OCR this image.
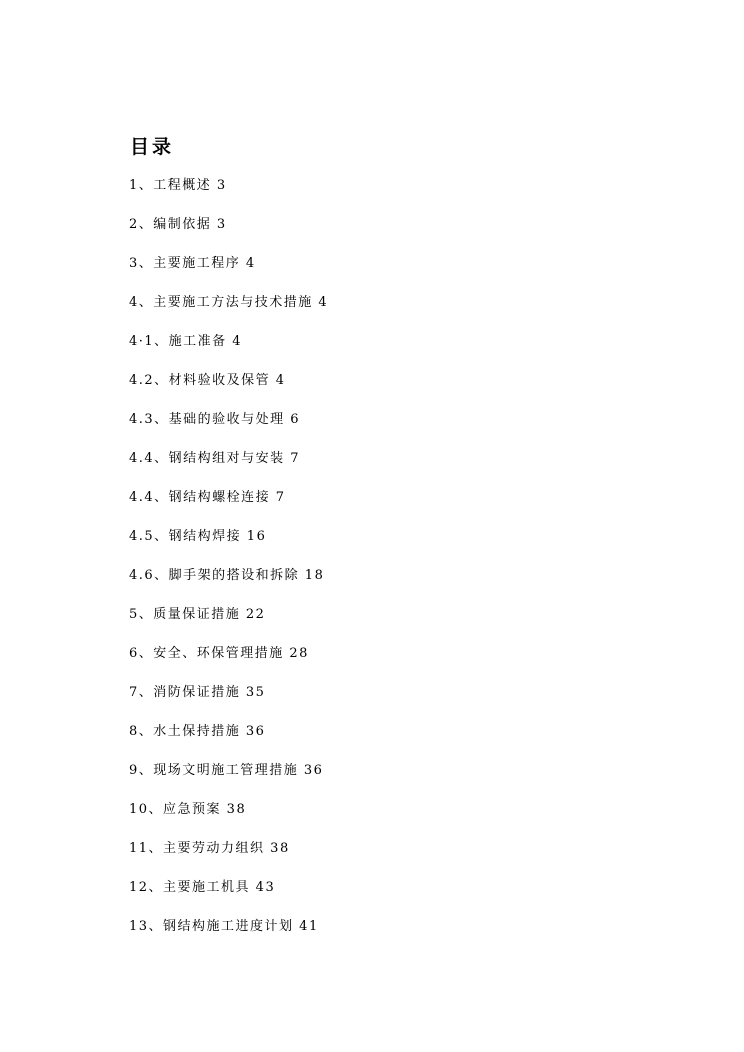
目录
1、工程概述 3
2、编制依据 3
3、主要施工程序 4
4、主要施工方法与技术措施 4
4·1、施工准备 4
4.2、材料验收及保管 4
4.3、基础的验收与处理 6
4.4、钢结构组对与安装 7
4.4、钢结构螺栓连接 7
4.5、钢结构焊接 16
4.6、脚手架的搭设和拆除 18
5、质量保证措施 22
6、安全、环保管理措施 28
7、消防保证措施 35
8、水土保持措施 36
9、现场文明施工管理措施 36
10、应急预案 38
11、主要劳动力组织 38
12、主要施工机具 43
13、钢结构施工进度计划 41
